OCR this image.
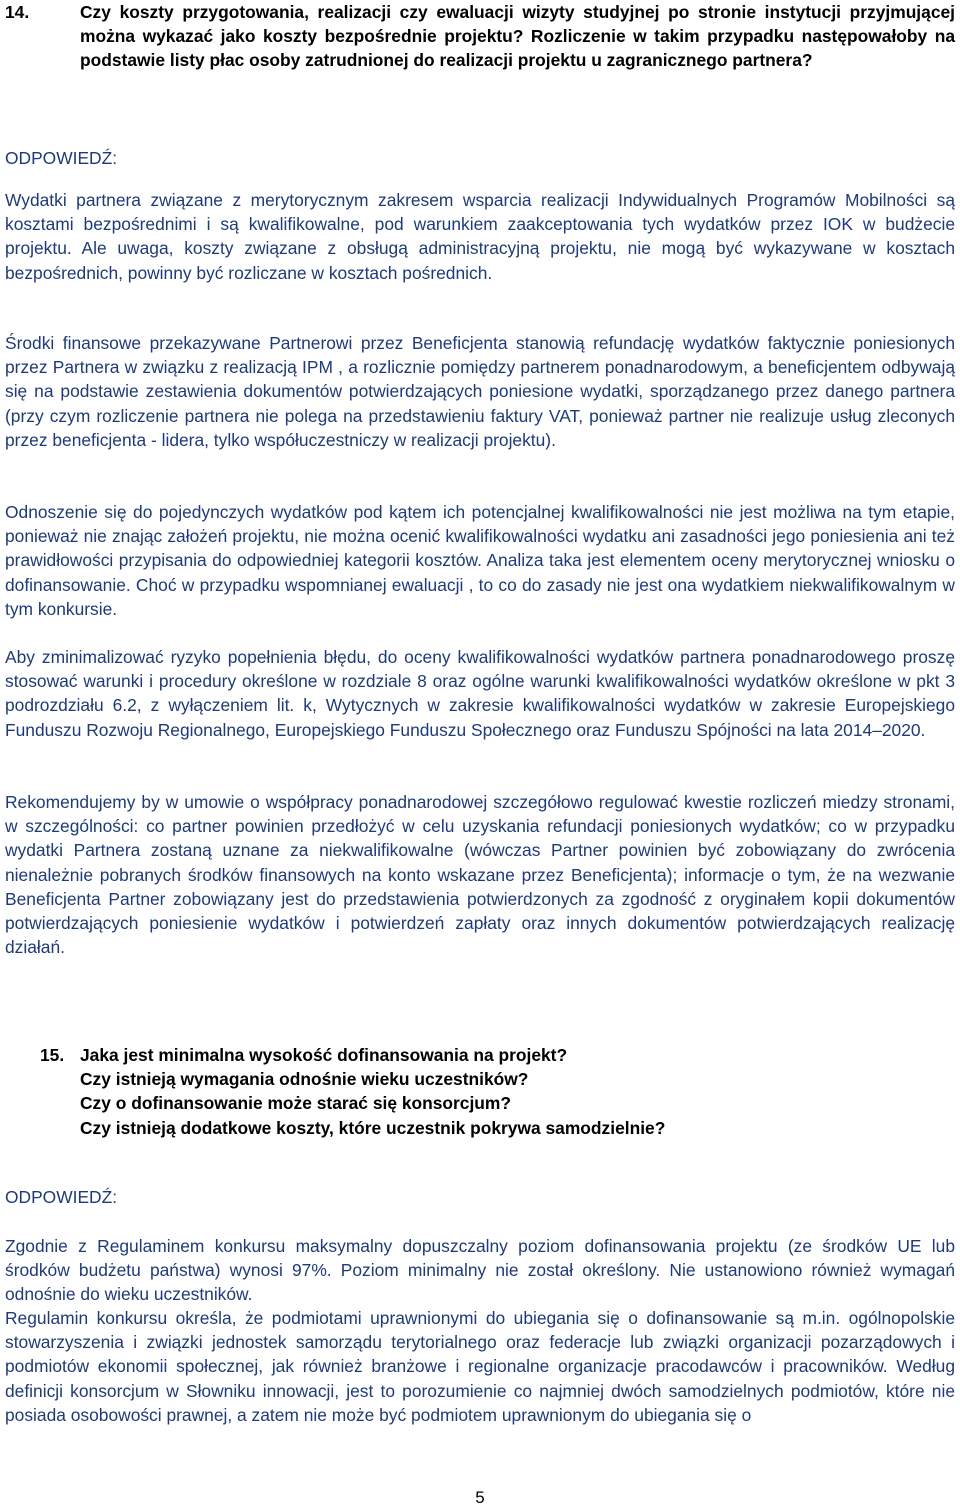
14.	Czy koszty przygotowania, realizacji czy ewaluacji wizyty studyjnej po stronie instytucji przyjmującej można wykazać jako koszty bezpośrednie projektu? Rozliczenie w takim przypadku następowałoby na podstawie listy płac osoby zatrudnionej do realizacji projektu u zagranicznego partnera?
ODPOWIEDŹ:
Wydatki partnera związane z merytorycznym zakresem wsparcia realizacji Indywidualnych Programów Mobilności są kosztami bezpośrednimi i są kwalifikowalne, pod warunkiem zaakceptowania tych wydatków przez IOK w budżecie projektu. Ale uwaga, koszty związane z obsługą administracyjną projektu, nie mogą być wykazywane w kosztach bezpośrednich, powinny być rozliczane w kosztach pośrednich.
Środki finansowe przekazywane Partnerowi przez Beneficjenta stanowią refundację wydatków faktycznie poniesionych przez Partnera w związku z realizacją IPM , a rozlicznie pomiędzy partnerem ponadnarodowym, a beneficjentem odbywają się na podstawie zestawienia dokumentów potwierdzających poniesione wydatki, sporządzanego przez danego partnera (przy czym rozliczenie partnera nie polega na przedstawieniu faktury VAT, ponieważ partner nie realizuje usług zleconych przez beneficjenta - lidera, tylko współuczestniczy w realizacji projektu).
Odnoszenie się do pojedynczych wydatków pod kątem ich potencjalnej kwalifikowalności nie jest możliwa na tym etapie, ponieważ nie znając założeń projektu, nie można ocenić kwalifikowalności wydatku ani zasadności jego poniesienia ani też prawidłowości przypisania do odpowiedniej kategorii kosztów. Analiza taka jest elementem oceny merytorycznej wniosku o dofinansowanie. Choć w przypadku wspomnianej ewaluacji , to co do zasady nie jest ona wydatkiem niekwalifikowalnym w tym konkursie.
Aby zminimalizować ryzyko popełnienia błędu, do oceny kwalifikowalności wydatków partnera ponadnarodowego proszę stosować warunki i procedury określone w rozdziale 8 oraz ogólne warunki kwalifikowalności wydatków określone w pkt 3 podrozdziału 6.2, z wyłączeniem lit. k, Wytycznych w zakresie kwalifikowalności wydatków w zakresie Europejskiego Funduszu Rozwoju Regionalnego, Europejskiego Funduszu Społecznego oraz Funduszu Spójności na lata 2014–2020.
Rekomendujemy by w umowie o współpracy ponadnarodowej szczegółowo regulować kwestie rozliczeń miedzy stronami, w szczególności: co partner powinien przedłożyć w celu uzyskania refundacji poniesionych wydatków; co w przypadku wydatki Partnera zostaną uznane za niekwalifikowalne (wówczas Partner powinien być zobowiązany do zwrócenia nienależnie pobranych środków finansowych na konto wskazane przez Beneficjenta); informacje o tym, że na wezwanie Beneficjenta Partner zobowiązany jest do przedstawienia potwierdzonych za zgodność z oryginałem kopii dokumentów potwierdzających poniesienie wydatków i potwierdzeń zapłaty oraz innych dokumentów potwierdzających realizację działań.
15. Jaka jest minimalna wysokość dofinansowania na projekt?
Czy istnieją wymagania odnośnie wieku uczestników?
Czy o dofinansowanie może starać się konsorcjum?
Czy istnieją dodatkowe koszty, które uczestnik pokrywa samodzielnie?
ODPOWIEDŹ:
Zgodnie z Regulaminem konkursu maksymalny dopuszczalny poziom dofinansowania projektu (ze środków UE lub środków budżetu państwa) wynosi 97%. Poziom minimalny nie został określony. Nie ustanowiono również wymagań odnośnie do wieku uczestników.
Regulamin konkursu określa, że podmiotami uprawnionymi do ubiegania się o dofinansowanie są m.in. ogólnopolskie stowarzyszenia i związki jednostek samorządu terytorialnego oraz federacje lub związki organizacji pozarządowych i podmiotów ekonomii społecznej, jak również branżowe i regionalne organizacje pracodawców i pracowników. Według definicji konsorcjum w Słowniku innowacji, jest to porozumienie co najmniej dwóch samodzielnych podmiotów, które nie posiada osobowości prawnej, a zatem nie może być podmiotem uprawnionym do ubiegania się o
5
